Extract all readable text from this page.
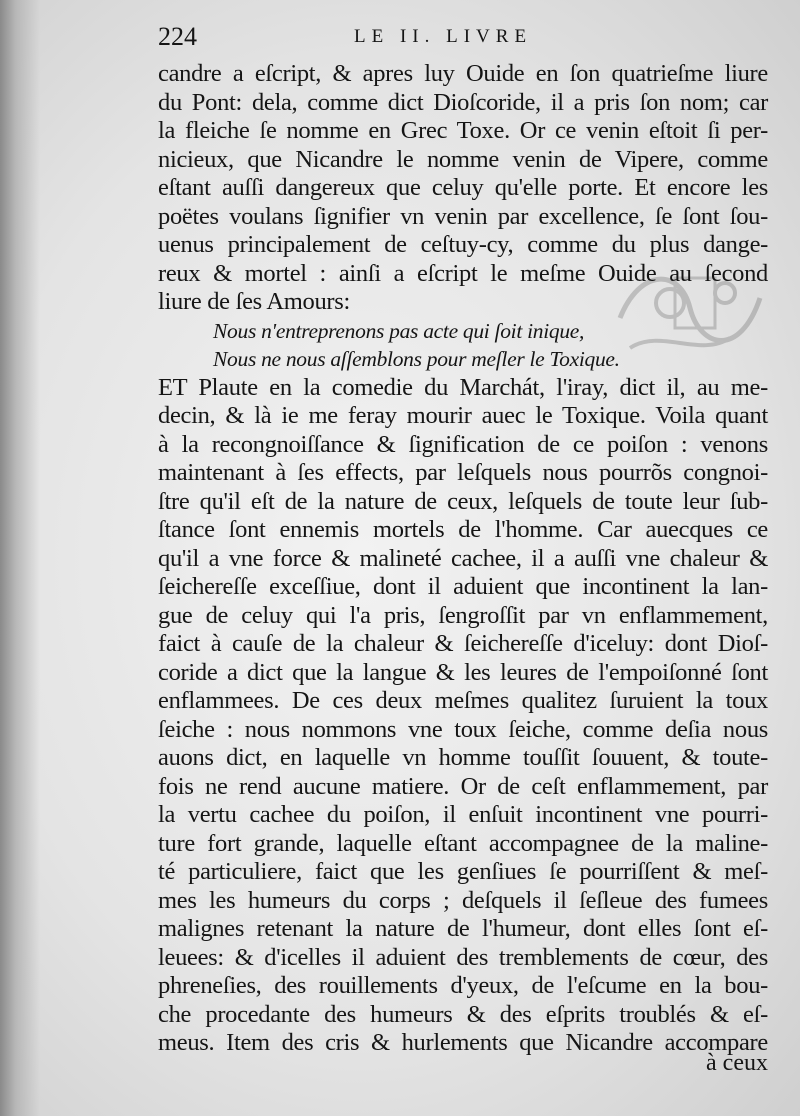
224	LE II. LIVRE
candre a eſcript, & apres luy Ouide en ſon quatrieſme liure
du Pont: dela, comme dict Dioſcoride, il a pris ſon nom; car
la fleiche ſe nomme en Grec Toxe. Or ce venin eſtoit ſi per-
nicieux, que Nicandre le nomme venin de Vipere, comme
eſtant auſſi dangereux que celuy qu'elle porte. Et encore les
poëtes voulans ſignifier vn venin par excellence, ſe ſont ſou-
uenus principalement de ceſtuy-cy, comme du plus dange-
reux & mortel : ainſi a eſcript le meſme Ouide au ſecond
liure de ſes Amours:
Nous n'entreprenons pas acte qui ſoit inique,
Nous ne nous aſſemblons pour meſler le Toxique.
ET Plaute en la comedie du Marchát, l'iray, dict il, au me-
decin, & là ie me feray mourir auec le Toxique. Voila quant
à la recongnoiſſance & ſignification de ce poiſon : venons
maintenant à ſes effects, par leſquels nous pourrõs congnoi-
ſtre qu'il eſt de la nature de ceux, leſquels de toute leur ſub-
ſtance ſont ennemis mortels de l'homme. Car auecques ce
qu'il a vne force & malineté cachee, il a auſſi vne chaleur &
ſeichereſſe exceſſiue, dont il aduient que incontinent la lan-
gue de celuy qui l'a pris, ſengroſſit par vn enflammement,
faict à cauſe de la chaleur & ſeichereſſe d'iceluy: dont Dioſ-
coride a dict que la langue & les leures de l'empoiſonné ſont
enflammees. De ces deux meſmes qualitez ſuruient la toux
ſeiche : nous nommons vne toux ſeiche, comme deſia nous
auons dict, en laquelle vn homme touſſit ſouuent, & toute-
fois ne rend aucune matiere. Or de ceſt enflammement, par
la vertu cachee du poiſon, il enſuit incontinent vne pourri-
ture fort grande, laquelle eſtant accompagnee de la maline-
té particuliere, faict que les genſiues ſe pourriſſent & meſ-
mes les humeurs du corps ; deſquels il ſeſleue des fumees
malignes retenant la nature de l'humeur, dont elles ſont eſ-
leuees: & d'icelles il aduient des tremblements de cœur, des
phreneſies, des rouillements d'yeux, de l'eſcume en la bou-
che procedante des humeurs & des eſprits troublés & eſ-
meus. Item des cris & hurlements que Nicandre accompare
à ceux
